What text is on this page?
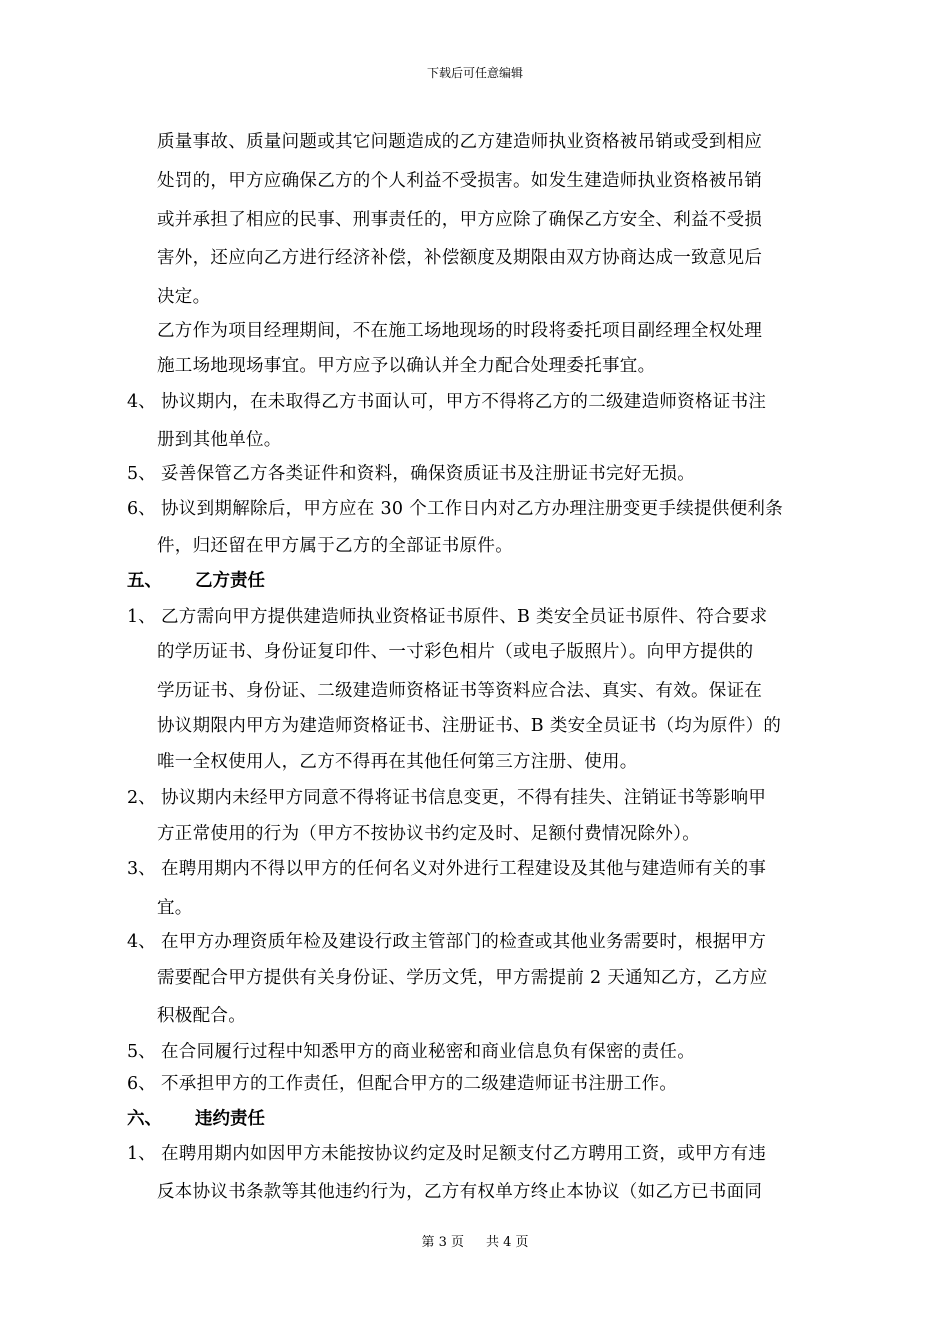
下载后可任意编辑
质量事故、质量问题或其它问题造成的乙方建造师执业资格被吊销或受到相应
处罚的，甲方应确保乙方的个人利益不受损害。如发生建造师执业资格被吊销
或并承担了相应的民事、刑事责任的，甲方应除了确保乙方安全、利益不受损
害外，还应向乙方进行经济补偿，补偿额度及期限由双方协商达成一致意见后
决定。
乙方作为项目经理期间，不在施工场地现场的时段将委托项目副经理全权处理
施工场地现场事宜。甲方应予以确认并全力配合处理委托事宜。
4、 协议期内，在未取得乙方书面认可，甲方不得将乙方的二级建造师资格证书注
册到其他单位。
5、 妥善保管乙方各类证件和资料，确保资质证书及注册证书完好无损。
6、 协议到期解除后，甲方应在 30 个工作日内对乙方办理注册变更手续提供便利条
件，归还留在甲方属于乙方的全部证书原件。
五、 乙方责任
1、 乙方需向甲方提供建造师执业资格证书原件、B 类安全员证书原件、符合要求
的学历证书、身份证复印件、一寸彩色相片（或电子版照片）。向甲方提供的
学历证书、身份证、二级建造师资格证书等资料应合法、真实、有效。保证在
协议期限内甲方为建造师资格证书、注册证书、B 类安全员证书（均为原件）的
唯一全权使用人，乙方不得再在其他任何第三方注册、使用。
2、 协议期内未经甲方同意不得将证书信息变更，不得有挂失、注销证书等影响甲
方正常使用的行为（甲方不按协议书约定及时、足额付费情况除外）。
3、 在聘用期内不得以甲方的任何名义对外进行工程建设及其他与建造师有关的事
宜。
4、 在甲方办理资质年检及建设行政主管部门的检查或其他业务需要时，根据甲方
需要配合甲方提供有关身份证、学历文凭，甲方需提前 2 天通知乙方，乙方应
积极配合。
5、 在合同履行过程中知悉甲方的商业秘密和商业信息负有保密的责任。
6、 不承担甲方的工作责任，但配合甲方的二级建造师证书注册工作。
六、 违约责任
1、 在聘用期内如因甲方未能按协议约定及时足额支付乙方聘用工资，或甲方有违
反本协议书条款等其他违约行为，乙方有权单方终止本协议（如乙方已书面同
第 3 页 共 4 页
